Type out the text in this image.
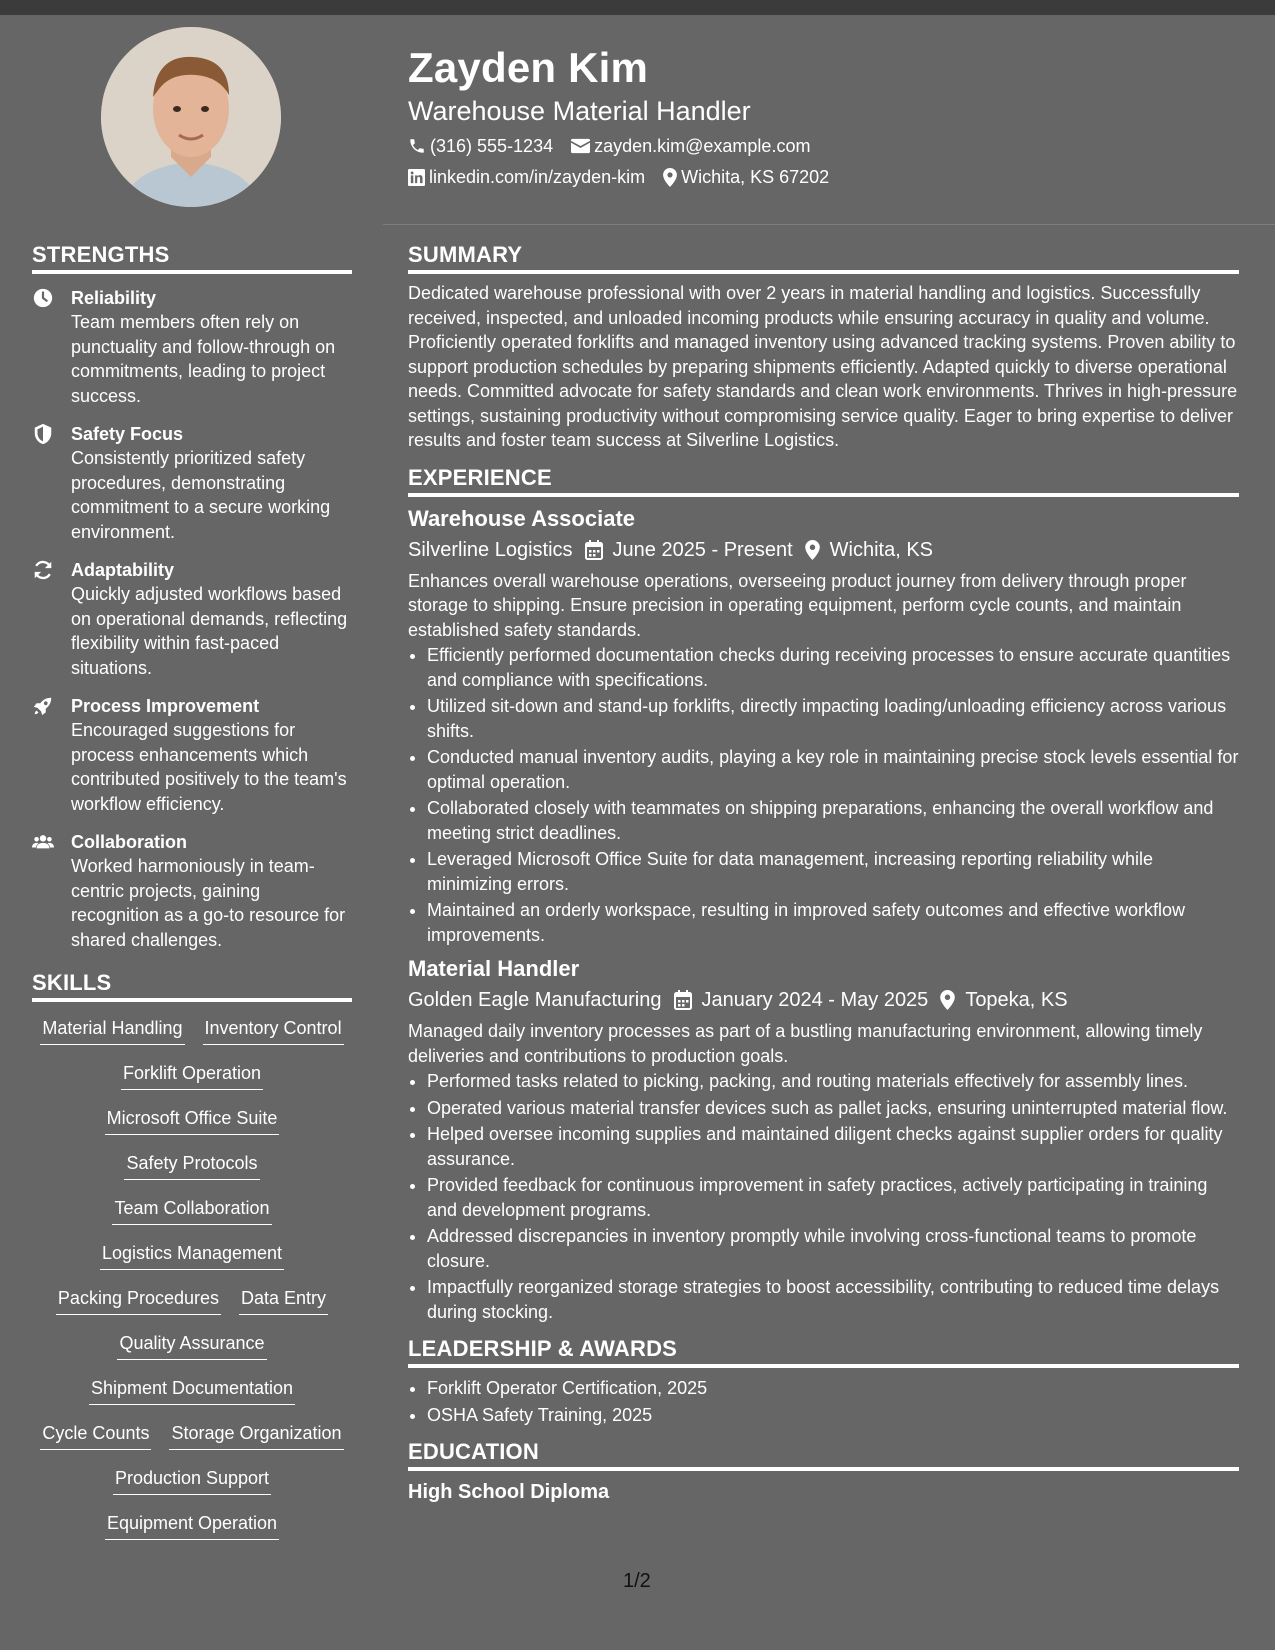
Zayden Kim
Warehouse Material Handler
(316) 555-1234 zayden.kim@example.com
linkedin.com/in/zayden-kim Wichita, KS 67202
STRENGTHS
Reliability
Team members often rely on punctuality and follow-through on commitments, leading to project success.
Safety Focus
Consistently prioritized safety procedures, demonstrating commitment to a secure working environment.
Adaptability
Quickly adjusted workflows based on operational demands, reflecting flexibility within fast-paced situations.
Process Improvement
Encouraged suggestions for process enhancements which contributed positively to the team's workflow efficiency.
Collaboration
Worked harmoniously in team-centric projects, gaining recognition as a go-to resource for shared challenges.
SKILLS
Material Handling Inventory Control
Forklift Operation
Microsoft Office Suite
Safety Protocols
Team Collaboration
Logistics Management
Packing Procedures Data Entry
Quality Assurance
Shipment Documentation
Cycle Counts Storage Organization
Production Support
Equipment Operation
SUMMARY

Dedicated warehouse professional with over 2 years in material handling and logistics. Successfully received, inspected, and unloaded incoming products while ensuring accuracy in quality and volume. Proficiently operated forklifts and managed inventory using advanced tracking systems. Proven ability to support production schedules by preparing shipments efficiently. Adapted quickly to diverse operational needs. Committed advocate for safety standards and clean work environments. Thrives in high-pressure settings, sustaining productivity without compromising service quality. Eager to bring expertise to deliver results and foster team success at Silverline Logistics.

EXPERIENCE
Warehouse Associate
Silverline Logistics June 2025 - Present Wichita, KS
Enhances overall warehouse operations, overseeing product journey from delivery through proper storage to shipping. Ensure precision in operating equipment, perform cycle counts, and maintain established safety standards.
• Efficiently performed documentation checks during receiving processes to ensure accurate quantities and compliance with specifications.
• Utilized sit-down and stand-up forklifts, directly impacting loading/unloading efficiency across various shifts.
• Conducted manual inventory audits, playing a key role in maintaining precise stock levels essential for optimal operation.
• Collaborated closely with teammates on shipping preparations, enhancing the overall workflow and meeting strict deadlines.
• Leveraged Microsoft Office Suite for data management, increasing reporting reliability while minimizing errors.
• Maintained an orderly workspace, resulting in improved safety outcomes and effective workflow improvements.
Material Handler
Golden Eagle Manufacturing January 2024 - May 2025 Topeka, KS
Managed daily inventory processes as part of a bustling manufacturing environment, allowing timely deliveries and contributions to production goals.
• Performed tasks related to picking, packing, and routing materials effectively for assembly lines.
• Operated various material transfer devices such as pallet jacks, ensuring uninterrupted material flow.
• Helped oversee incoming supplies and maintained diligent checks against supplier orders for quality assurance.
• Provided feedback for continuous improvement in safety practices, actively participating in training and development programs.
• Addressed discrepancies in inventory promptly while involving cross-functional teams to promote closure.
• Impactfully reorganized storage strategies to boost accessibility, contributing to reduced time delays during stocking.
LEADERSHIP & AWARDS
• Forklift Operator Certification, 2025
• OSHA Safety Training, 2025
EDUCATION
High School Diploma
1/2
